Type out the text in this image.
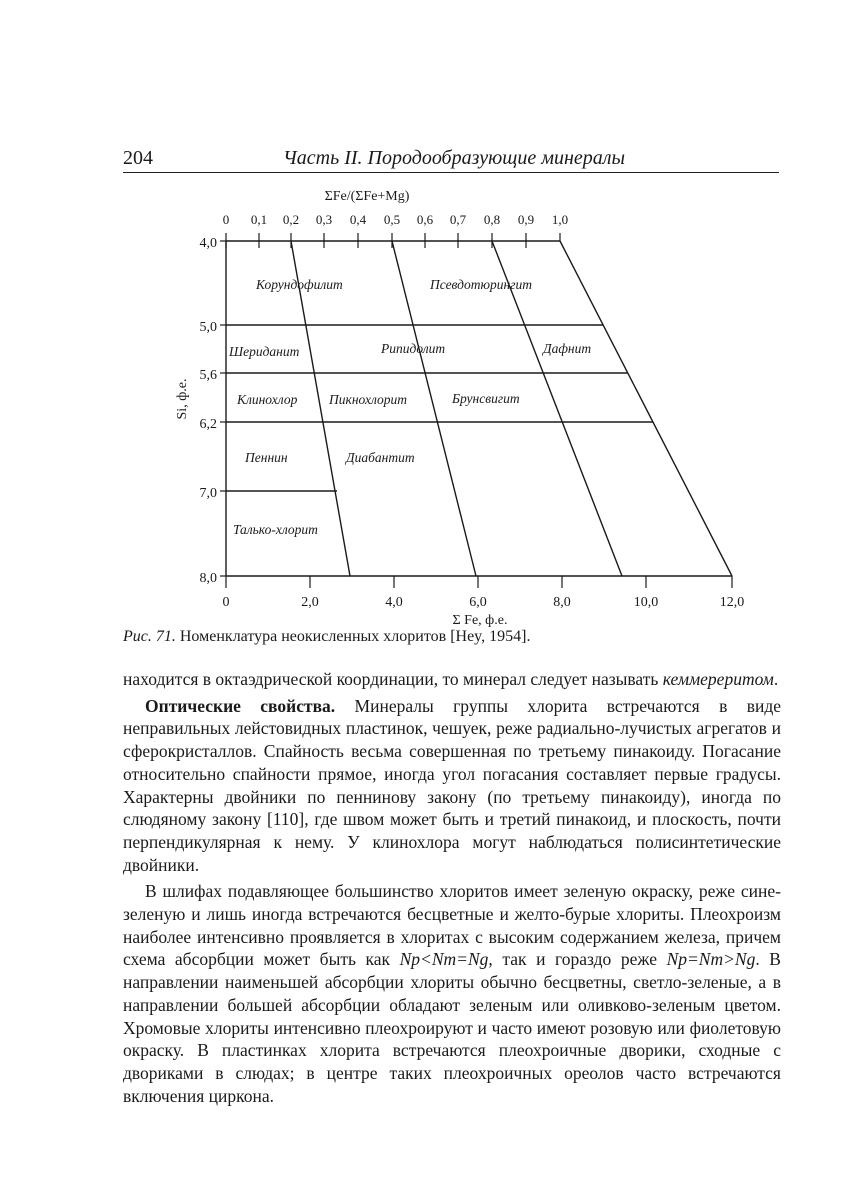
204	Часть II. Породообразующие минералы
ΣFe/(ΣFe+Mg)
0 0,1 0,2 0,3 0,4 0,5 0,6 0,7 0,8 0,9 1,0
4,0
5,0
5,6
6,2
7,0
8,0
Si, ф.е.
0	2,0	4,0	6,0	8,0	10,0	12,0
Σ Fe, ф.е.
Корундофилит	Псевдотюрингит
Шериданит	Рипидолит	Дафнит
Клинохлор Пикнохлорит	Брунсвигит
Пеннин	Диабантит
Талько-хлорит
Рис. 71. Номенклатура неокисленных хлоритов [Hey, 1954].

находится в октаэдрической координации, то минерал следует называть кеммереритом.

Оптические свойства. Минералы группы хлорита встречаются в виде неправильных лейстовидных пластинок, чешуек, реже радиально-лучистых агрегатов и сферокристаллов. Спайность весьма совершенная по третьему пинакоиду. Погасание относительно спайности прямое, иногда угол погасания составляет первые градусы. Характерны двойники по пеннинову закону (по третьему пинакоиду), иногда по слюдяному закону [110], где швом может быть и третий пинакоид, и плоскость, почти перпендикулярная к нему. У клинохлора могут наблюдаться полисинтетические двойники.

В шлифах подавляющее большинство хлоритов имеет зеленую окраску, реже сине-зеленую и лишь иногда встречаются бесцветные и желто-бурые хлориты. Плеохроизм наиболее интенсивно проявляется в хлоритах с высоким содержанием железа, причем схема абсорбции может быть как Np<Nm=Ng, так и гораздо реже Np=Nm>Ng. В направлении наименьшей абсорбции хлориты обычно бесцветны, светло-зеленые, а в направлении большей абсорбции обладают зеленым или оливково-зеленым цветом. Хромовые хлориты интенсивно плеохроируют и часто имеют розовую или фиолетовую окраску. В пластинках хлорита встречаются плеохроичные дворики, сходные с двориками в слюдах; в центре таких плеохроичных ореолов часто встречаются включения циркона.
